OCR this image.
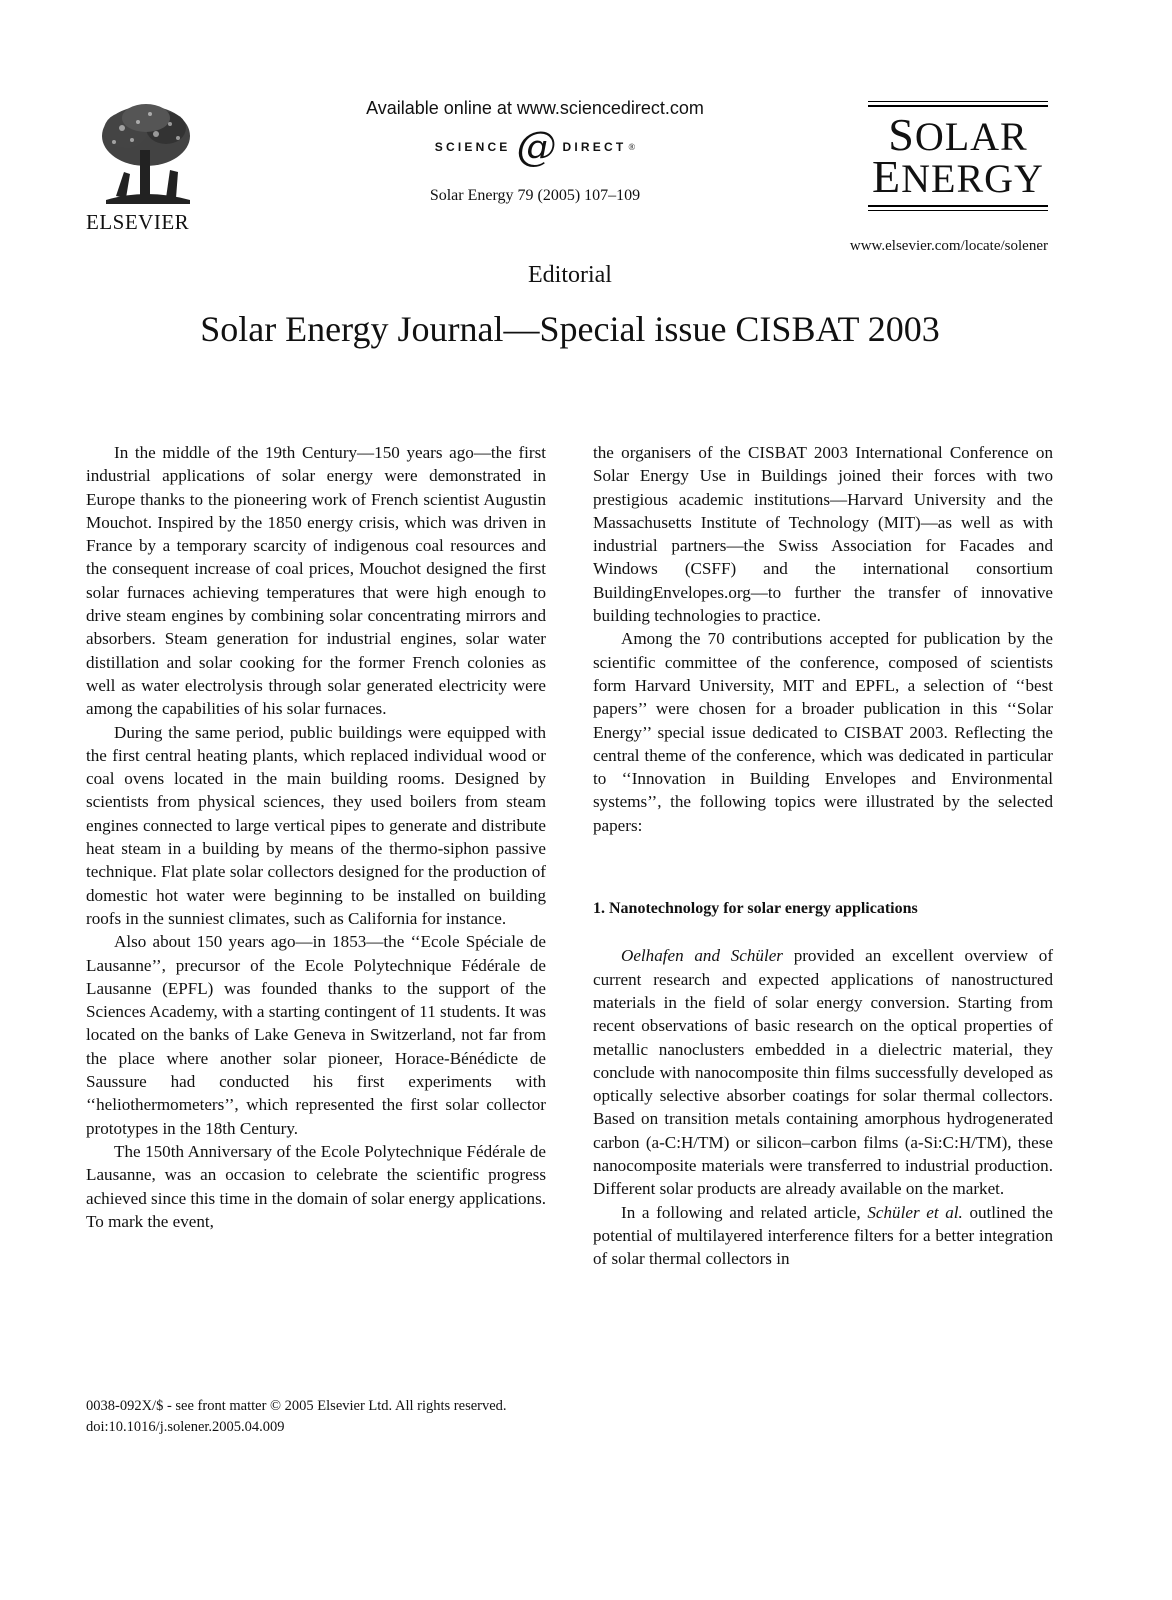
ELSEVIER
Available online at www.sciencedirect.com
SCIENCE @ DIRECT ®
Solar Energy 79 (2005) 107–109
SOLAR
ENERGY
www.elsevier.com/locate/solener
Editorial
Solar Energy Journal—Special issue CISBAT 2003

In the middle of the 19th Century—150 years ago—the first industrial applications of solar energy were demonstrated in Europe thanks to the pioneering work of French scientist Augustin Mouchot. Inspired by the 1850 energy crisis, which was driven in France by a temporary scarcity of indigenous coal resources and the consequent increase of coal prices, Mouchot designed the first solar furnaces achieving temperatures that were high enough to drive steam engines by combining solar concentrating mirrors and absorbers. Steam generation for industrial engines, solar water distillation and solar cooking for the former French colonies as well as water electrolysis through solar generated electricity were among the capabilities of his solar furnaces.

During the same period, public buildings were equipped with the first central heating plants, which replaced individual wood or coal ovens located in the main building rooms. Designed by scientists from physical sciences, they used boilers from steam engines connected to large vertical pipes to generate and distribute heat steam in a building by means of the thermo-siphon passive technique. Flat plate solar collectors designed for the production of domestic hot water were beginning to be installed on building roofs in the sunniest climates, such as California for instance.

Also about 150 years ago—in 1853—the ‘‘Ecole Spéciale de Lausanne’’, precursor of the Ecole Polytechnique Fédérale de Lausanne (EPFL) was founded thanks to the support of the Sciences Academy, with a starting contingent of 11 students. It was located on the banks of Lake Geneva in Switzerland, not far from the place where another solar pioneer, Horace-Bénédicte de Saussure had conducted his first experiments with ‘‘heliothermometers’’, which represented the first solar collector prototypes in the 18th Century.

The 150th Anniversary of the Ecole Polytechnique Fédérale de Lausanne, was an occasion to celebrate the scientific progress achieved since this time in the domain of solar energy applications. To mark the event,

the organisers of the CISBAT 2003 International Conference on Solar Energy Use in Buildings joined their forces with two prestigious academic institutions—Harvard University and the Massachusetts Institute of Technology (MIT)—as well as with industrial partners—the Swiss Association for Facades and Windows (CSFF) and the international consortium BuildingEnvelopes.org—to further the transfer of innovative building technologies to practice.

Among the 70 contributions accepted for publication by the scientific committee of the conference, composed of scientists form Harvard University, MIT and EPFL, a selection of ‘‘best papers’’ were chosen for a broader publication in this ‘‘Solar Energy’’ special issue dedicated to CISBAT 2003. Reflecting the central theme of the conference, which was dedicated in particular to ‘‘Innovation in Building Envelopes and Environmental systems’’, the following topics were illustrated by the selected papers:

1. Nanotechnology for solar energy applications

Oelhafen and Schüler provided an excellent overview of current research and expected applications of nanostructured materials in the field of solar energy conversion. Starting from recent observations of basic research on the optical properties of metallic nanoclusters embedded in a dielectric material, they conclude with nanocomposite thin films successfully developed as optically selective absorber coatings for solar thermal collectors. Based on transition metals containing amorphous hydrogenerated carbon (a-C:H/TM) or silicon–carbon films (a-Si:C:H/TM), these nanocomposite materials were transferred to industrial production. Different solar products are already available on the market.

In a following and related article, Schüler et al. outlined the potential of multilayered interference filters for a better integration of solar thermal collectors in

0038-092X/$ - see front matter © 2005 Elsevier Ltd. All rights reserved.
doi:10.1016/j.solener.2005.04.009
